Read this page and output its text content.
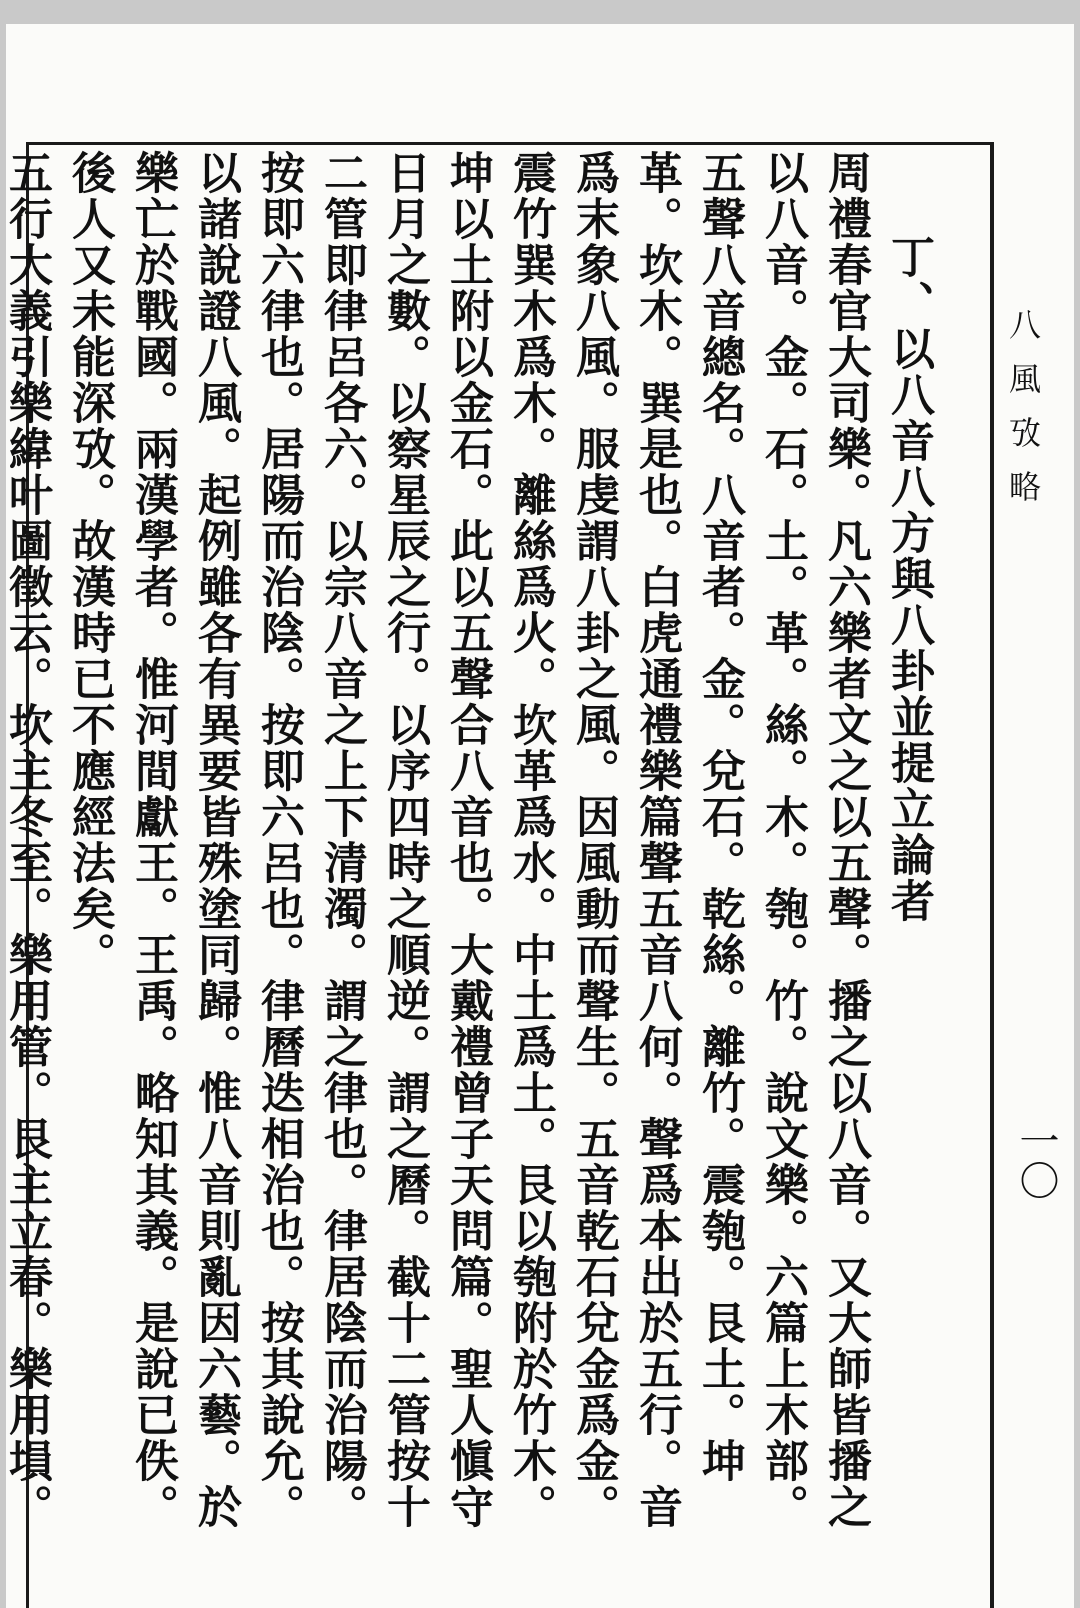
八風攷略
一〇
丁、以八音八方與八卦並提立論者
周禮春官大司樂。凡六樂者文之以五聲。播之以八音。又大師皆播之以八音。金。石。土。革。絲。木。匏。竹。說文樂。六篇上木部。五聲八音總名。八音者。金。兌石。乾絲。離竹。震匏。艮土。坤革。坎木。巽是也。白虎通禮樂篇聲五音八何。聲爲本出於五行。音爲末象八風。服虔謂八卦之風。因風動而聲生。五音乾石兌金爲金。震竹巽木爲木。離絲爲火。坎革爲水。中土爲土。艮以匏附於竹木。坤以土附以金石。此以五聲合八音也。大戴禮曾子天問篇。聖人愼守日月之數。以察星辰之行。以序四時之順逆。謂之曆。截十二管按十二管即律呂各六。以宗八音之上下清濁。謂之律也。律居陰而治陽。按即六律也。居陽而治陰。按即六呂也。律曆迭相治也。按其說允。
以諸說證八風。起例雖各有異要皆殊塗同歸。惟八音則亂因六藝。於樂亡於戰國。兩漢學者。惟河間獻王。王禹。略知其義。是說已佚。後人又未能深攷。故漢時已不應經法矣。
五行大義引樂緯叶圖徵云。坎主冬至。樂用管。艮主立春。樂用塤。
